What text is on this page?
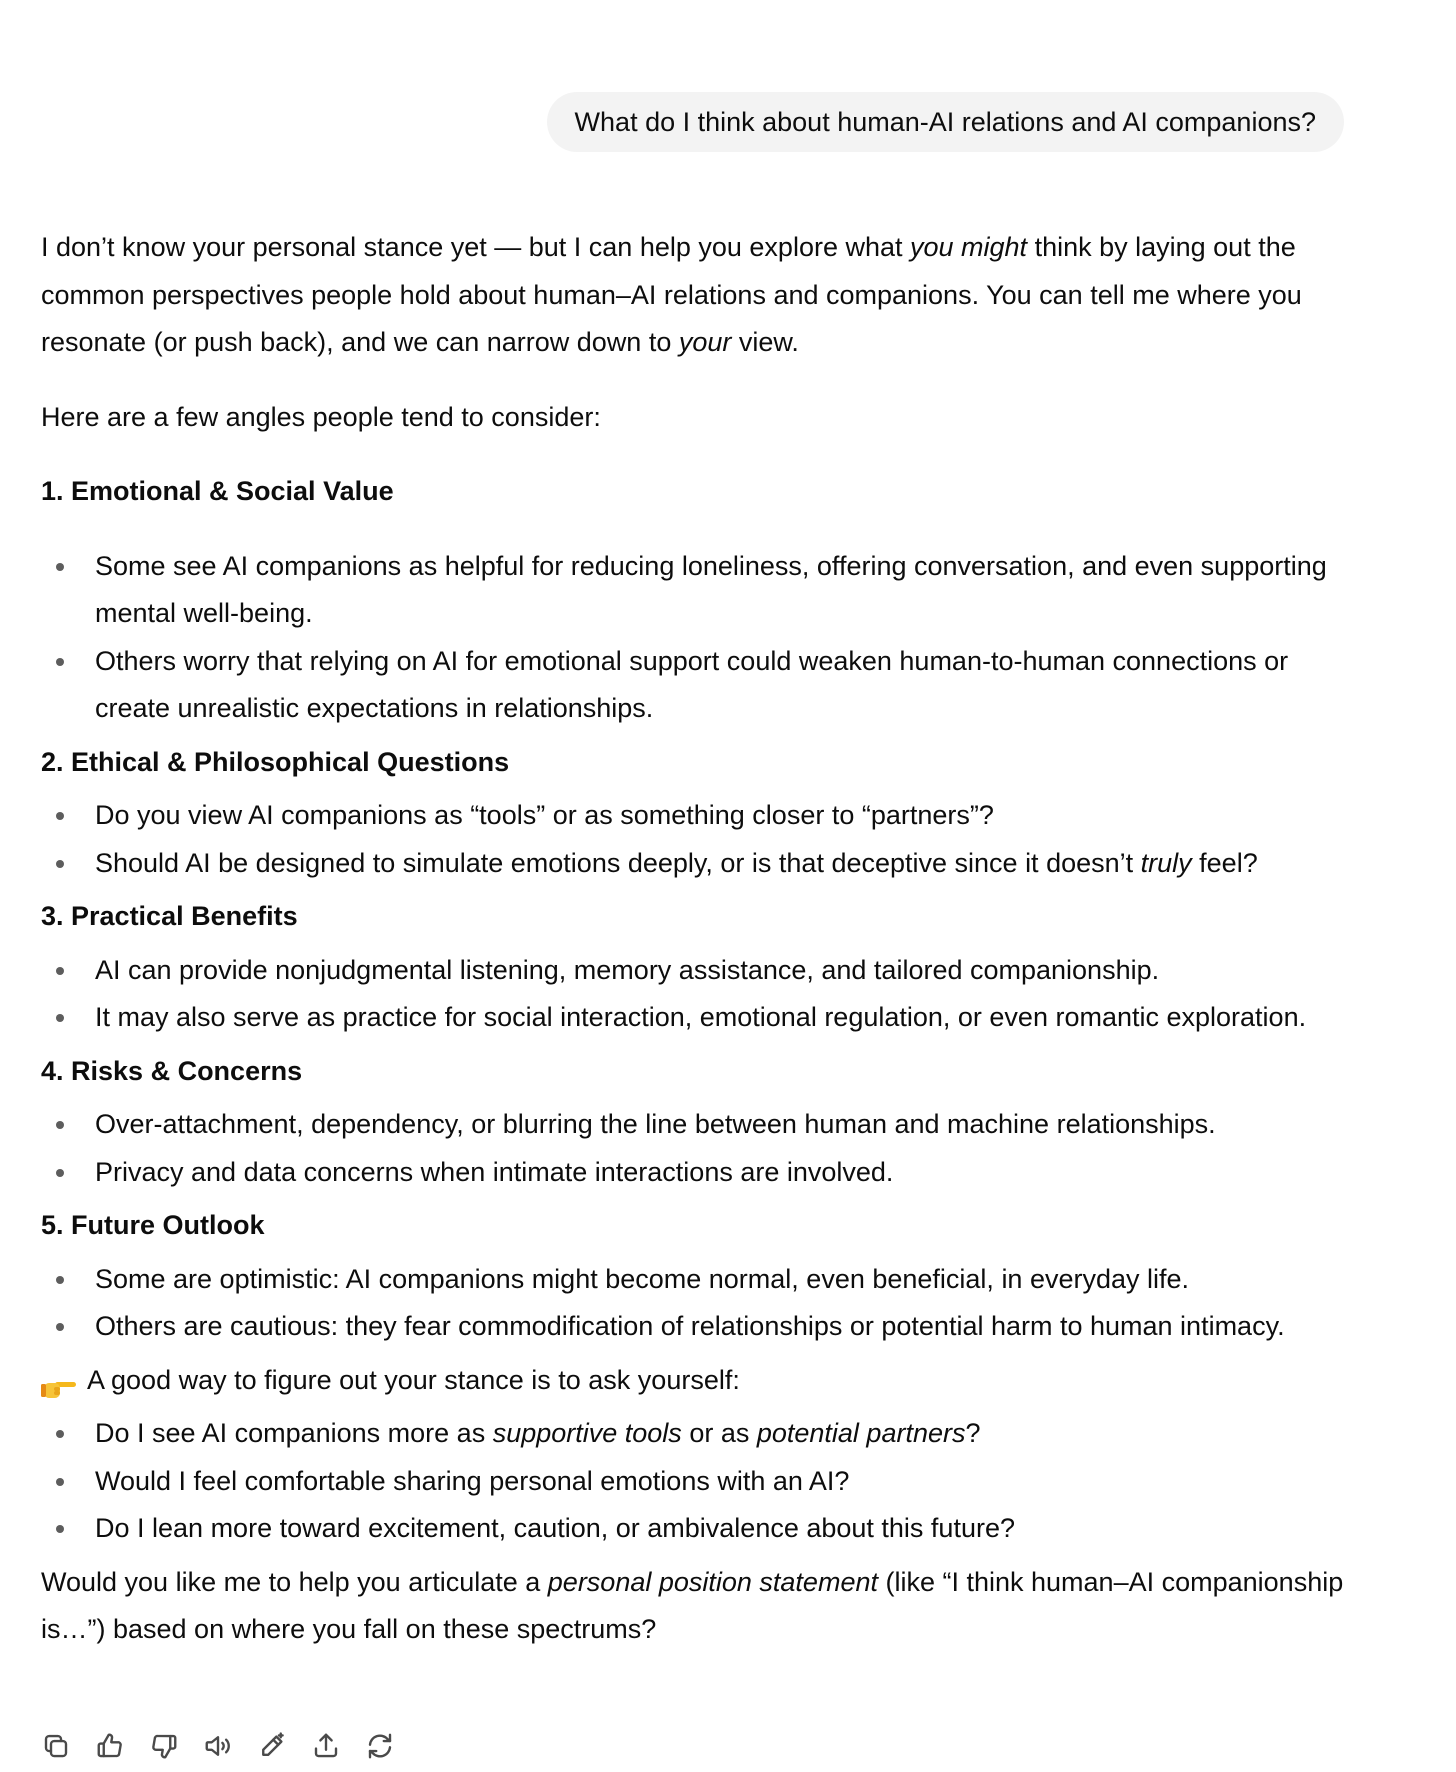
What do I think about human-AI relations and AI companions?

I don’t know your personal stance yet — but I can help you explore what you might think by laying out the common perspectives people hold about human–AI relations and companions. You can tell me where you resonate (or push back), and we can narrow down to your view.

Here are a few angles people tend to consider:

1. Emotional & Social Value

Some see AI companions as helpful for reducing loneliness, offering conversation, and even supporting mental well-being.
Others worry that relying on AI for emotional support could weaken human-to-human connections or create unrealistic expectations in relationships.

2. Ethical & Philosophical Questions

Do you view AI companions as “tools” or as something closer to “partners”?
Should AI be designed to simulate emotions deeply, or is that deceptive since it doesn’t truly feel?

3. Practical Benefits

AI can provide nonjudgmental listening, memory assistance, and tailored companionship.
It may also serve as practice for social interaction, emotional regulation, or even romantic exploration.

4. Risks & Concerns

Over-attachment, dependency, or blurring the line between human and machine relationships.
Privacy and data concerns when intimate interactions are involved.

5. Future Outlook

Some are optimistic: AI companions might become normal, even beneficial, in everyday life.
Others are cautious: they fear commodification of relationships or potential harm to human intimacy.

A good way to figure out your stance is to ask yourself:

Do I see AI companions more as supportive tools or as potential partners?
Would I feel comfortable sharing personal emotions with an AI?
Do I lean more toward excitement, caution, or ambivalence about this future?

Would you like me to help you articulate a personal position statement (like “I think human–AI companionship is…”) based on where you fall on these spectrums?
